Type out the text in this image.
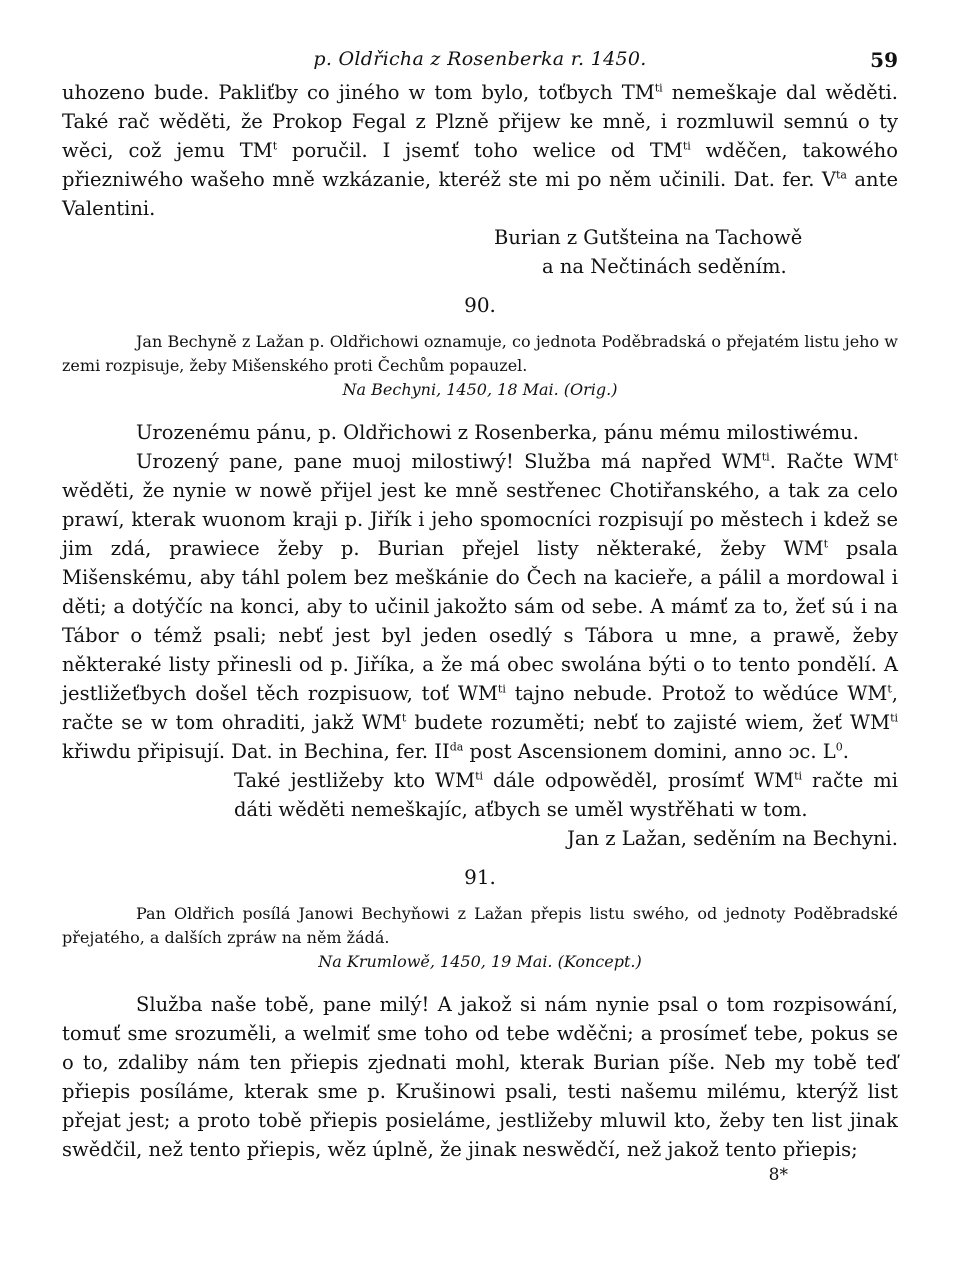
p. Oldřicha z Rosenberka r. 1450.	59

uhozeno bude. Pakliťby co jiného w tom bylo, toťbych $TM^{ti}$ nemeškaje dal wěděti. Také rač wěděti, že Prokop Fegal z Plzně přijew ke mně, i rozmluwil semnú o ty wěci, což jemu $TM^t$ poručil. I jsemť toho welice od $TM^{ti}$ wděčen, takowého přiezniwého wašeho mně wzkázanie, kteréž ste mi po něm učinili. Dat. fer. $V^{ta}$ ante Valentini.

Burian z Gutšteina na Tachowě

a na Nečtinách seděním.

90.

Jan Bechyně z Lažan p. Oldřichowi oznamuje, co jednota Poděbradská o přejatém listu jeho w zemi rozpisuje, žeby Mišenského proti Čechům popauzel.

Na Bechyni, 1450, 18 Mai. (Orig.)

Urozenému pánu, p. Oldřichowi z Rosenberka, pánu mému milostiwému.

Urozený pane, pane muoj milostiwý! Služba má napřed $WM^{ti}$. Račte $WM^t$ wěděti, že nynie w nowě přijel jest ke mně sestřenec Chotiřanského, a tak za celo prawí, kterak wuonom kraji p. Jiřík i jeho spomocníci rozpisují po městech i kdež se jim zdá, prawiece žeby p. Burian přejel listy některaké, žeby $WM^t$ psala Mišenskému, aby táhl polem bez meškánie do Čech na kacieře, a pálil a mordowal i děti; a dotýčíc na konci, aby to učinil jakožto sám od sebe. A mámť za to, žeť sú i na Tábor o témž psali; nebť jest byl jeden osedlý s Tábora u mne, a prawě, žeby některaké listy přinesli od p. Jiříka, a že má obec swolána býti o to tento pondělí. A jestližeťbych došel těch rozpisuow, toť $WM^{ti}$ tajno nebude. Protož to wědúce $WM^t$, račte se w tom ohraditi, jakž $WM^t$ budete rozuměti; nebť to zajisté wiem, žeť $WM^{ti}$ křiwdu připisují. Dat. in Bechina, fer. $II^{da}$ post Ascensionem domini, anno ɔc. $L^0$.

Také jestližeby kto $WM^{ti}$ dále odpowěděl, prosímť $WM^{ti}$ račte mi dáti wěděti nemeškajíc, aťbych se uměl wystřěhati w tom.

Jan z Lažan, seděním na Bechyni.

91.

Pan Oldřich posílá Janowi Bechyňowi z Lažan přepis listu swého, od jednoty Poděbradské přejatého, a dalších zpráw na něm žádá.

Na Krumlowě, 1450, 19 Mai. (Koncept.)

Služba naše tobě, pane milý! A jakož si nám nynie psal o tom rozpisowání, tomuť sme srozuměli, a welmiť sme toho od tebe wděčni; a prosímeť tebe, pokus se o to, zdaliby nám ten přiepis zjednati mohl, kterak Burian píše. Neb my tobě teď přiepis posíláme, kterak sme p. Krušinowi psali, testi našemu milému, kterýž list přejat jest; a proto tobě přiepis posieláme, jestližeby mluwil kto, žeby ten list jinak swědčil, než tento přiepis, wěz úplně, že jinak neswědčí, než jakož tento přiepis;

8*
